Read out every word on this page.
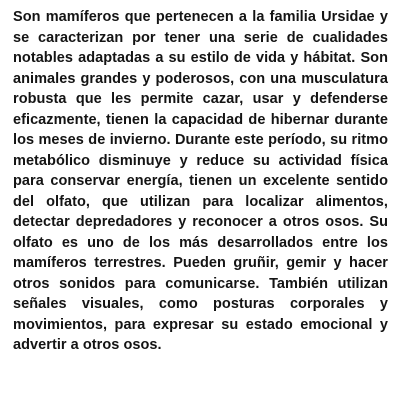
Son mamíferos que pertenecen a la familia Ursidae y se caracterizan por tener una serie de cualidades notables adaptadas a su estilo de vida y hábitat. Son animales grandes y poderosos, con una musculatura robusta que les permite cazar, usar y defenderse eficazmente, tienen la capacidad de hibernar durante los meses de invierno. Durante este período, su ritmo metabólico disminuye y reduce su actividad física para conservar energía, tienen un excelente sentido del olfato, que utilizan para localizar alimentos, detectar depredadores y reconocer a otros osos. Su olfato es uno de los más desarrollados entre los mamíferos terrestres. Pueden gruñir, gemir y hacer otros sonidos para comunicarse. También utilizan señales visuales, como posturas corporales y movimientos, para expresar su estado emocional y advertir a otros osos.
